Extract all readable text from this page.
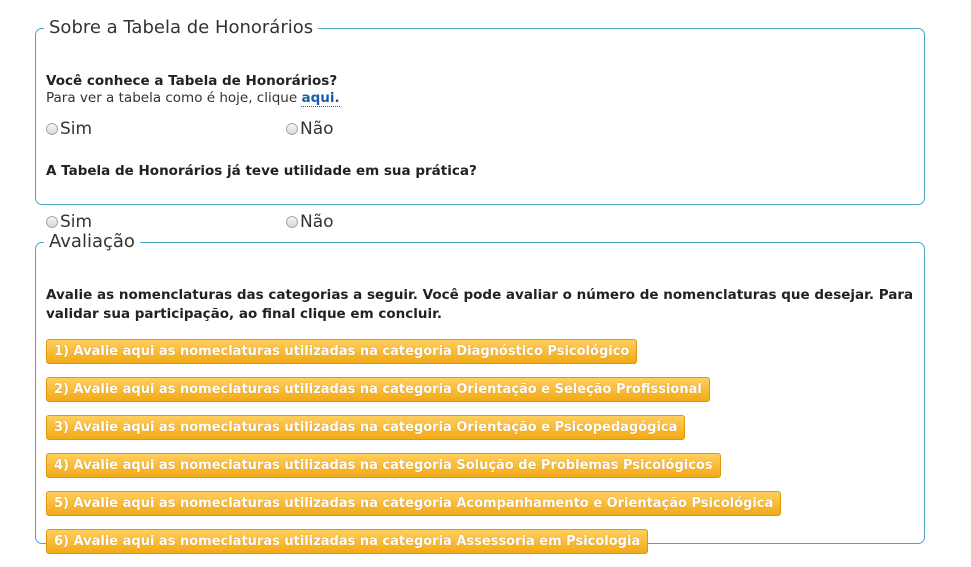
Sobre a Tabela de Honorários
Você conhece a Tabela de Honorários?
Para ver a tabela como é hoje, clique aqui.
Sim	Não
A Tabela de Honorários já teve utilidade em sua prática?
Sim	Não
Avaliação
Avalie as nomenclaturas das categorias a seguir. Você pode avaliar o número de nomenclaturas que desejar. Para validar sua participação, ao final clique em concluir.
1) Avalie aqui as nomeclaturas utilizadas na categoria Diagnóstico Psicológico
2) Avalie aqui as nomeclaturas utilizadas na categoria Orientação e Seleção Profissional
3) Avalie aqui as nomeclaturas utilizadas na categoria Orientação e Psicopedagógica
4) Avalie aqui as nomeclaturas utilizadas na categoria Solução de Problemas Psicológicos
5) Avalie aqui as nomeclaturas utilizadas na categoria Acompanhamento e Orientação Psicológica
6) Avalie aqui as nomeclaturas utilizadas na categoria Assessoria em Psicologia
